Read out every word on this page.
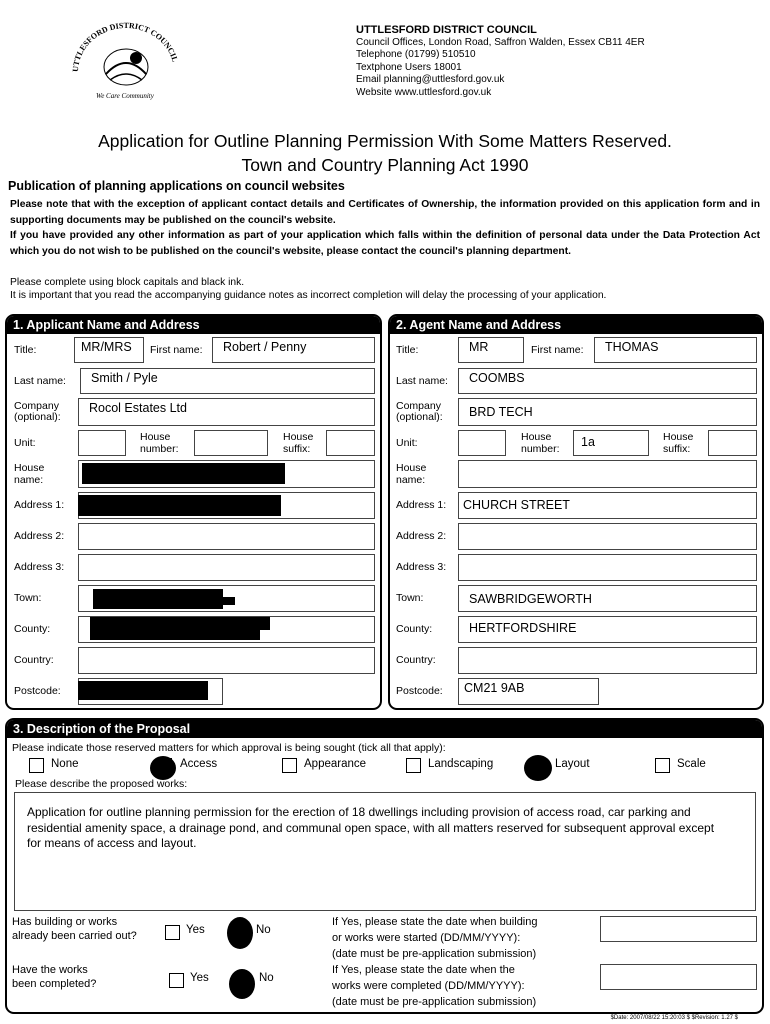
UTTLESFORD DISTRICT COUNCIL
We Care Community
UTTLESFORD DISTRICT COUNCIL
Council Offices, London Road, Saffron Walden, Essex CB11 4ER
Telephone (01799) 510510
Textphone Users 18001
Email planning@uttlesford.gov.uk
Website www.uttlesford.gov.uk
Application for Outline Planning Permission With Some Matters Reserved.
Town and Country Planning Act 1990
Publication of planning applications on council websites
Please note that with the exception of applicant contact details and Certificates of Ownership, the information provided on this application form and in supporting documents may be published on the council's website.
If you have provided any other information as part of your application which falls within the definition of personal data under the Data Protection Act which you do not wish to be published on the council's website, please contact the council's planning department.
Please complete using block capitals and black ink.
It is important that you read the accompanying guidance notes as incorrect completion will delay the processing of your application.
1. Applicant Name and Address
Title:	MR/MRS	First name:	Robert / Penny
Last name:	Smith / Pyle
Company
(optional):
Rocol Estates Ltd
Unit:	House
number:
House
suffix:
House
name:
Address 1:
Address 2:
Address 3:
Town:
County:
Country:
Postcode:
2. Agent Name and Address
Title:	MR	First name:	THOMAS
Last name:	COOMBS
Company
(optional):	BRD TECH
Unit:	House
number:	1a	House
suffix:
House
name:
Address 1:	CHURCH STREET
Address 2:
Address 3:
Town:	SAWBRIDGEWORTH
County:	HERTFORDSHIRE
Country:
Postcode:	CM21 9AB
3. Description of the Proposal
Please indicate those reserved matters for which approval is being sought (tick all that apply):
None	Access	Appearance	Landscaping	Layout	Scale
Please describe the proposed works:
Application for outline planning permission for the erection of 18 dwellings including provision of access road, car parking and residential amenity space, a drainage pond, and communal open space, with all matters reserved for subsequent approval except for means of access and layout.
Has building or works
already been carried out?	Yes	No
If Yes, please state the date when building
or works were started (DD/MM/YYYY):
(date must be pre-application submission)
Have the works
been completed?	Yes	No
If Yes, please state the date when the
works were completed (DD/MM/YYYY):
(date must be pre-application submission)
$Date: 2007/08/22 15:20:03 $ $Revision: 1.27 $
